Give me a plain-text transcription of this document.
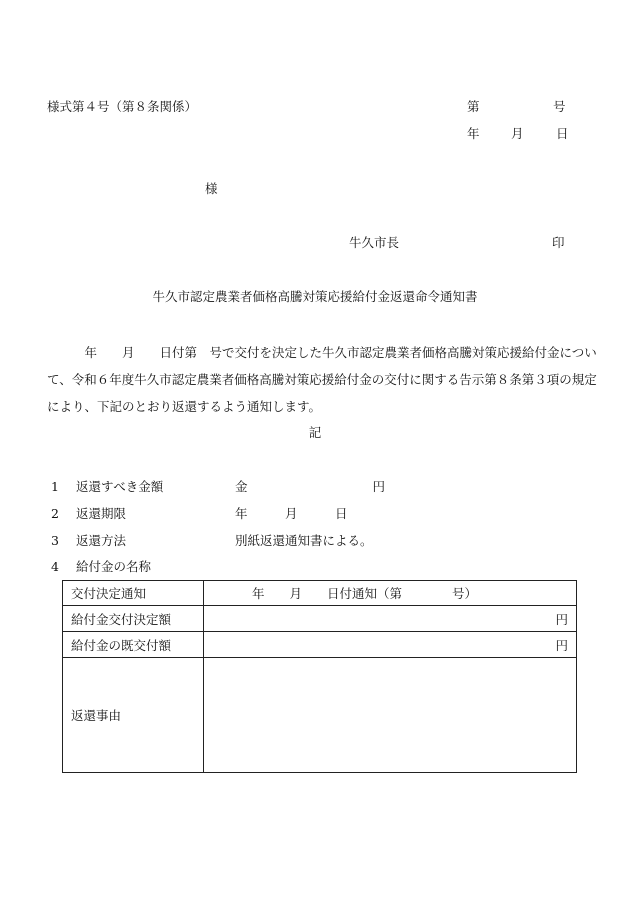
様式第４号（第８条関係）	第	号
年	月	日
様
牛久市長	印
牛久市認定農業者価格高騰対策応援給付金返還命令通知書
　　　年　　月　　日付第　号で交付を決定した牛久市認定農業者価格高騰対策応援給付金について、令和６年度牛久市認定農業者価格高騰対策応援給付金の交付に関する告示第８条第３項の規定により、下記のとおり返還するよう通知します。
記
1 返還すべき金額	金　　　　　　　　　　円
2 返還期限	年　　　月　　　日
3 返還方法	別紙返還通知書による。
4 給付金の名称
交付決定通知	年　　月　　日付通知（第　　　　号）
給付金交付決定額	円
給付金の既交付額	円
返還事由	
